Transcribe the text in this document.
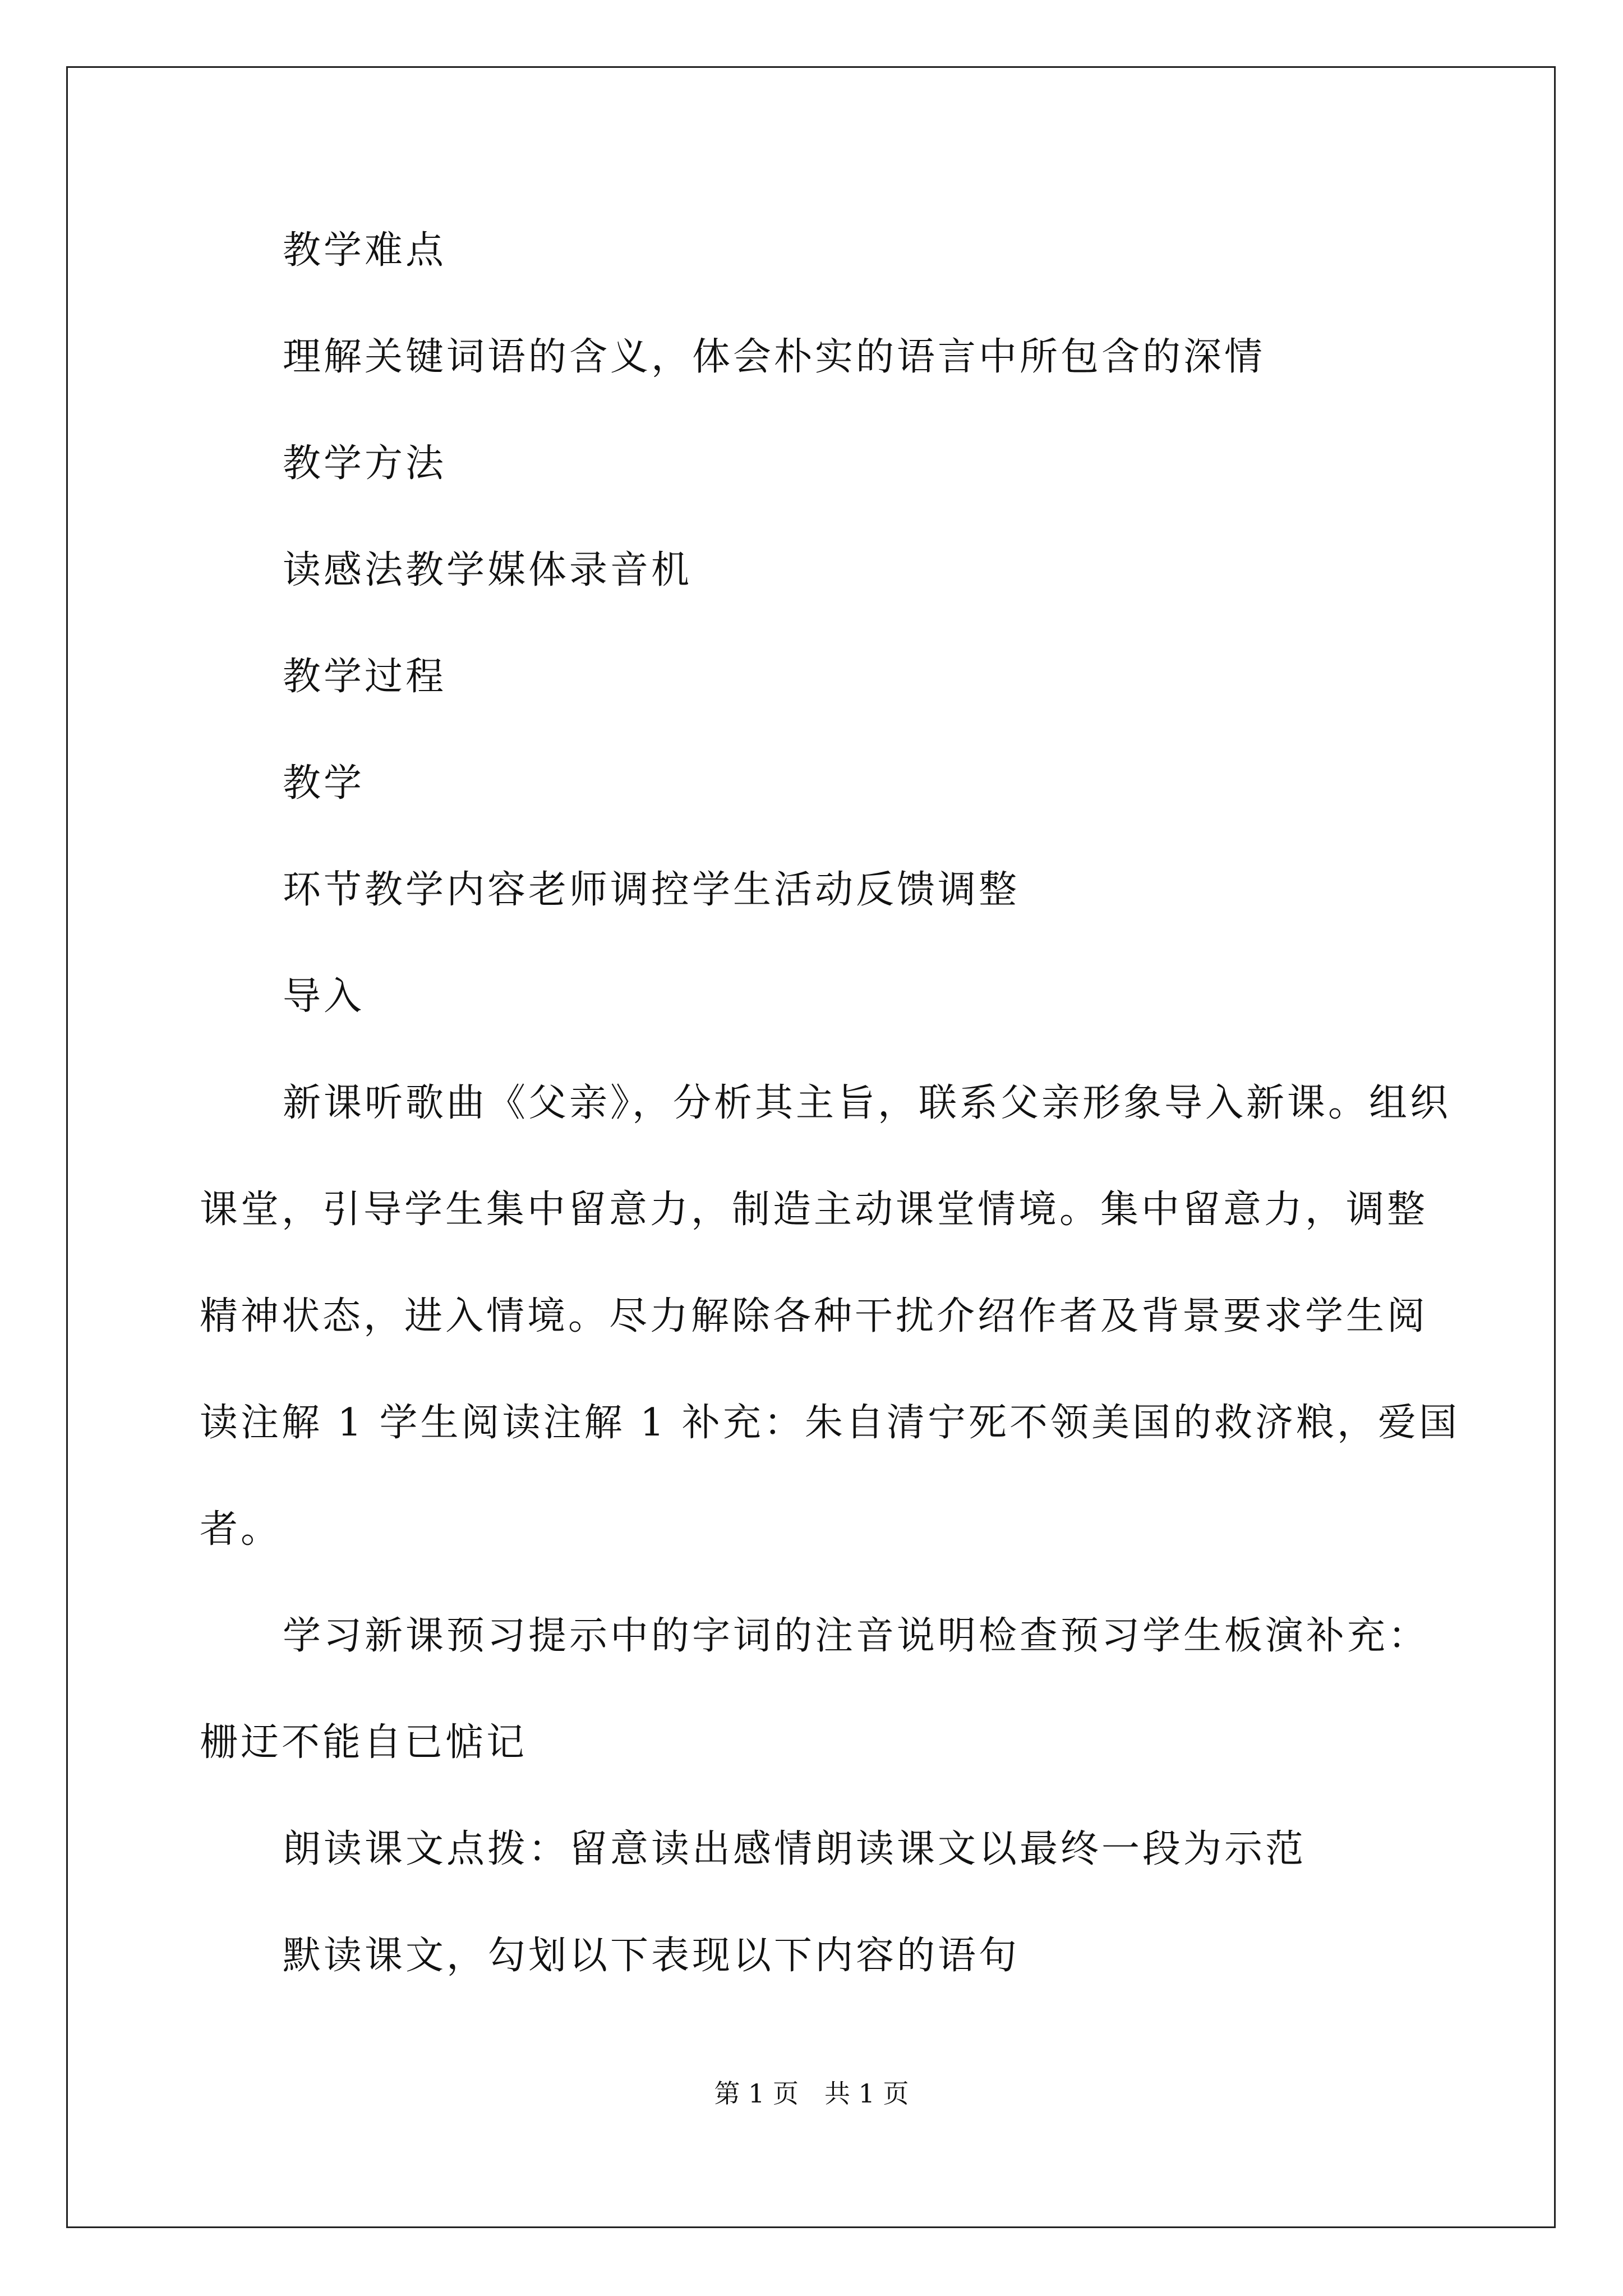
教学难点
理解关键词语的含义，体会朴实的语言中所包含的深情
教学方法
读感法教学媒体录音机
教学过程
教学
环节教学内容老师调控学生活动反馈调整
导入
新课听歌曲《父亲》，分析其主旨，联系父亲形象导入新课。组织
课堂，引导学生集中留意力，制造主动课堂情境。集中留意力，调整
精神状态，进入情境。尽力解除各种干扰介绍作者及背景要求学生阅
读注解 1 学生阅读注解 1 补充：朱自清宁死不领美国的救济粮，爱国
者。
学习新课预习提示中的字词的注音说明检查预习学生板演补充：
栅迂不能自已惦记
朗读课文点拨：留意读出感情朗读课文以最终一段为示范
默读课文，勾划以下表现以下内容的语句
第 1 页　共 1 页
